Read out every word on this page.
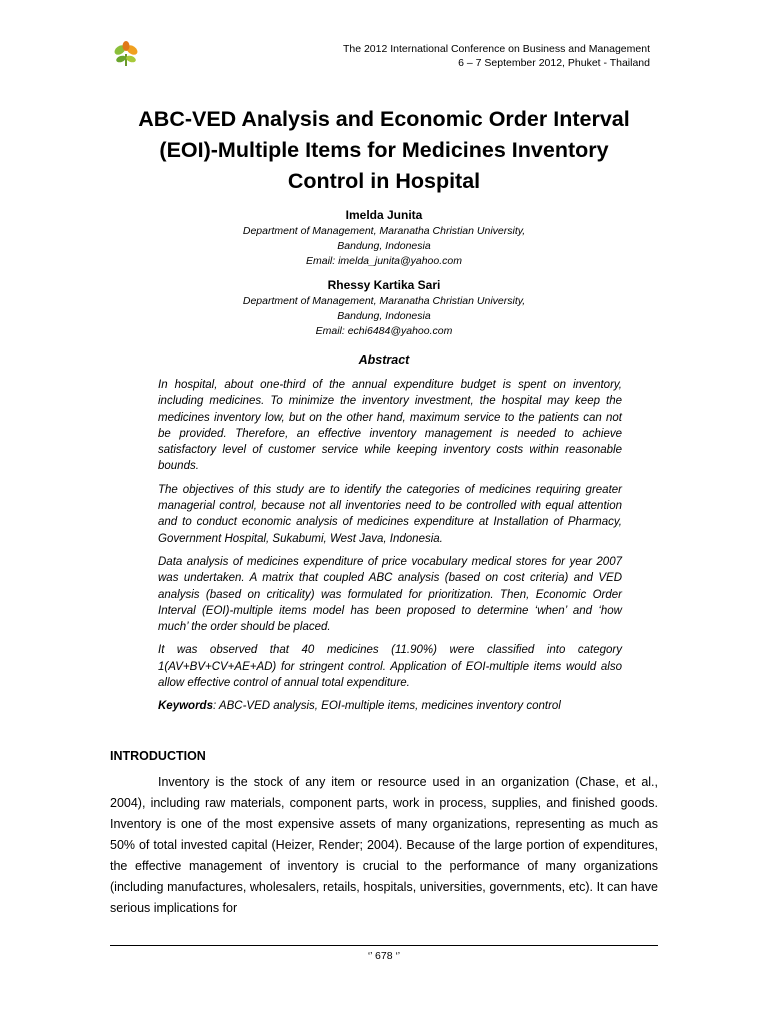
The 2012 International Conference on Business and Management
6 – 7 September 2012, Phuket - Thailand
ABC-VED Analysis and Economic Order Interval
(EOI)-Multiple Items for Medicines Inventory
Control in Hospital
Imelda Junita
Department of Management, Maranatha Christian University,
Bandung, Indonesia
Email: imelda_junita@yahoo.com
Rhessy Kartika Sari
Department of Management, Maranatha Christian University,
Bandung, Indonesia
Email: echi6484@yahoo.com
Abstract

In hospital, about one-third of the annual expenditure budget is spent on inventory, including medicines. To minimize the inventory investment, the hospital may keep the medicines inventory low, but on the other hand, maximum service to the patients can not be provided. Therefore, an effective inventory management is needed to achieve satisfactory level of customer service while keeping inventory costs within reasonable bounds.

The objectives of this study are to identify the categories of medicines requiring greater managerial control, because not all inventories need to be controlled with equal attention and to conduct economic analysis of medicines expenditure at Installation of Pharmacy, Government Hospital, Sukabumi, West Java, Indonesia.

Data analysis of medicines expenditure of price vocabulary medical stores for year 2007 was undertaken. A matrix that coupled ABC analysis (based on cost criteria) and VED analysis (based on criticality) was formulated for prioritization. Then, Economic Order Interval (EOI)-multiple items model has been proposed to determine ‘when’ and ‘how much’ the order should be placed.

It was observed that 40 medicines (11.90%) were classified into category 1(AV+BV+CV+AE+AD) for stringent control. Application of EOI-multiple items would also allow effective control of annual total expenditure.

Keywords: ABC-VED analysis, EOI-multiple items, medicines inventory control

INTRODUCTION

Inventory is the stock of any item or resource used in an organization (Chase, et al., 2004), including raw materials, component parts, work in process, supplies, and finished goods. Inventory is one of the most expensive assets of many organizations, representing as much as 50% of total invested capital (Heizer, Render; 2004). Because of the large portion of expenditures, the effective management of inventory is crucial to the performance of many organizations (including manufactures, wholesalers, retails, hospitals, universities, governments, etc). It can have serious implications for

‘’ 678 ‘’
